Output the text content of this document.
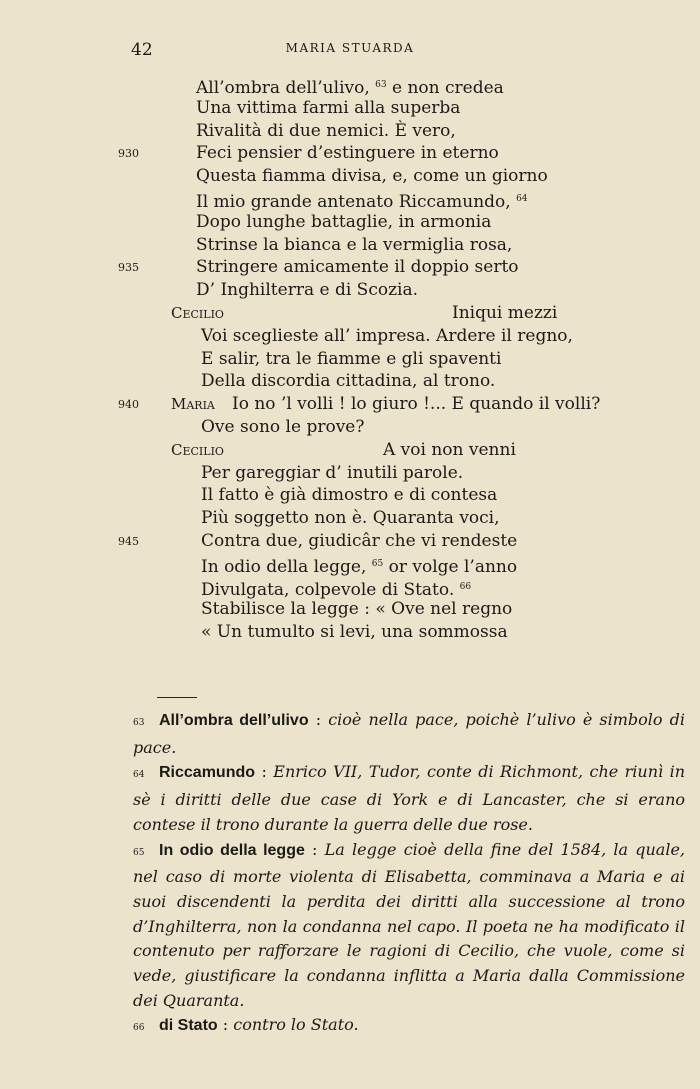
42	MARIA STUARDA
All’ombra dell’ulivo, $^{63}$ e non credea
Una vittima farmi alla superba
Rivalità di due nemici. È vero,
930	Feci pensier d’estinguere in eterno
Questa fiamma divisa, e, come un giorno
Il mio grande antenato Riccamundo, $^{64}$
Dopo lunghe battaglie, in armonia
Strinse la bianca e la vermiglia rosa,
935	Stringere amicamente il doppio serto
D’ Inghilterra e di Scozia.
Cecilio	Iniqui mezzi
Voi sceglieste all’ impresa. Ardere il regno,
E salir, tra le fiamme e gli spaventi
Della discordia cittadina, al trono.
940 Maria Io no ’l volli ! lo giuro !... E quando il volli?
Ove sono le prove?
Cecilio	A voi non venni
Per gareggiar d’ inutili parole.
Il fatto è già dimostro e di contesa
Più soggetto non è. Quaranta voci,
945	Contra due, giudicâr che vi rendeste
In odio della legge, $^{65}$ or volge l’anno
Divulgata, colpevole di Stato. $^{66}$
Stabilisce la legge : « Ove nel regno
« Un tumulto si levi, una sommossa
63 All’ombra dell’ulivo : cioè nella pace, poichè l’ulivo è simbolo di pace.
64 Riccamundo : Enrico VII, Tudor, conte di Richmont, che riunì in sè i diritti delle due case di York e di Lancaster, che si erano contese il trono durante la guerra delle due rose.
65 In odio della legge : La legge cioè della fine del 1584, la quale, nel caso di morte violenta di Elisabetta, comminava a Maria e ai suoi discendenti la perdita dei diritti alla successione al trono d’Inghilterra, non la condanna nel capo. Il poeta ne ha modificato il contenuto per rafforzare le ragioni di Cecilio, che vuole, come si vede, giustificare la condanna inflitta a Maria dalla Commissione dei Quaranta.
66 di Stato : contro lo Stato.
